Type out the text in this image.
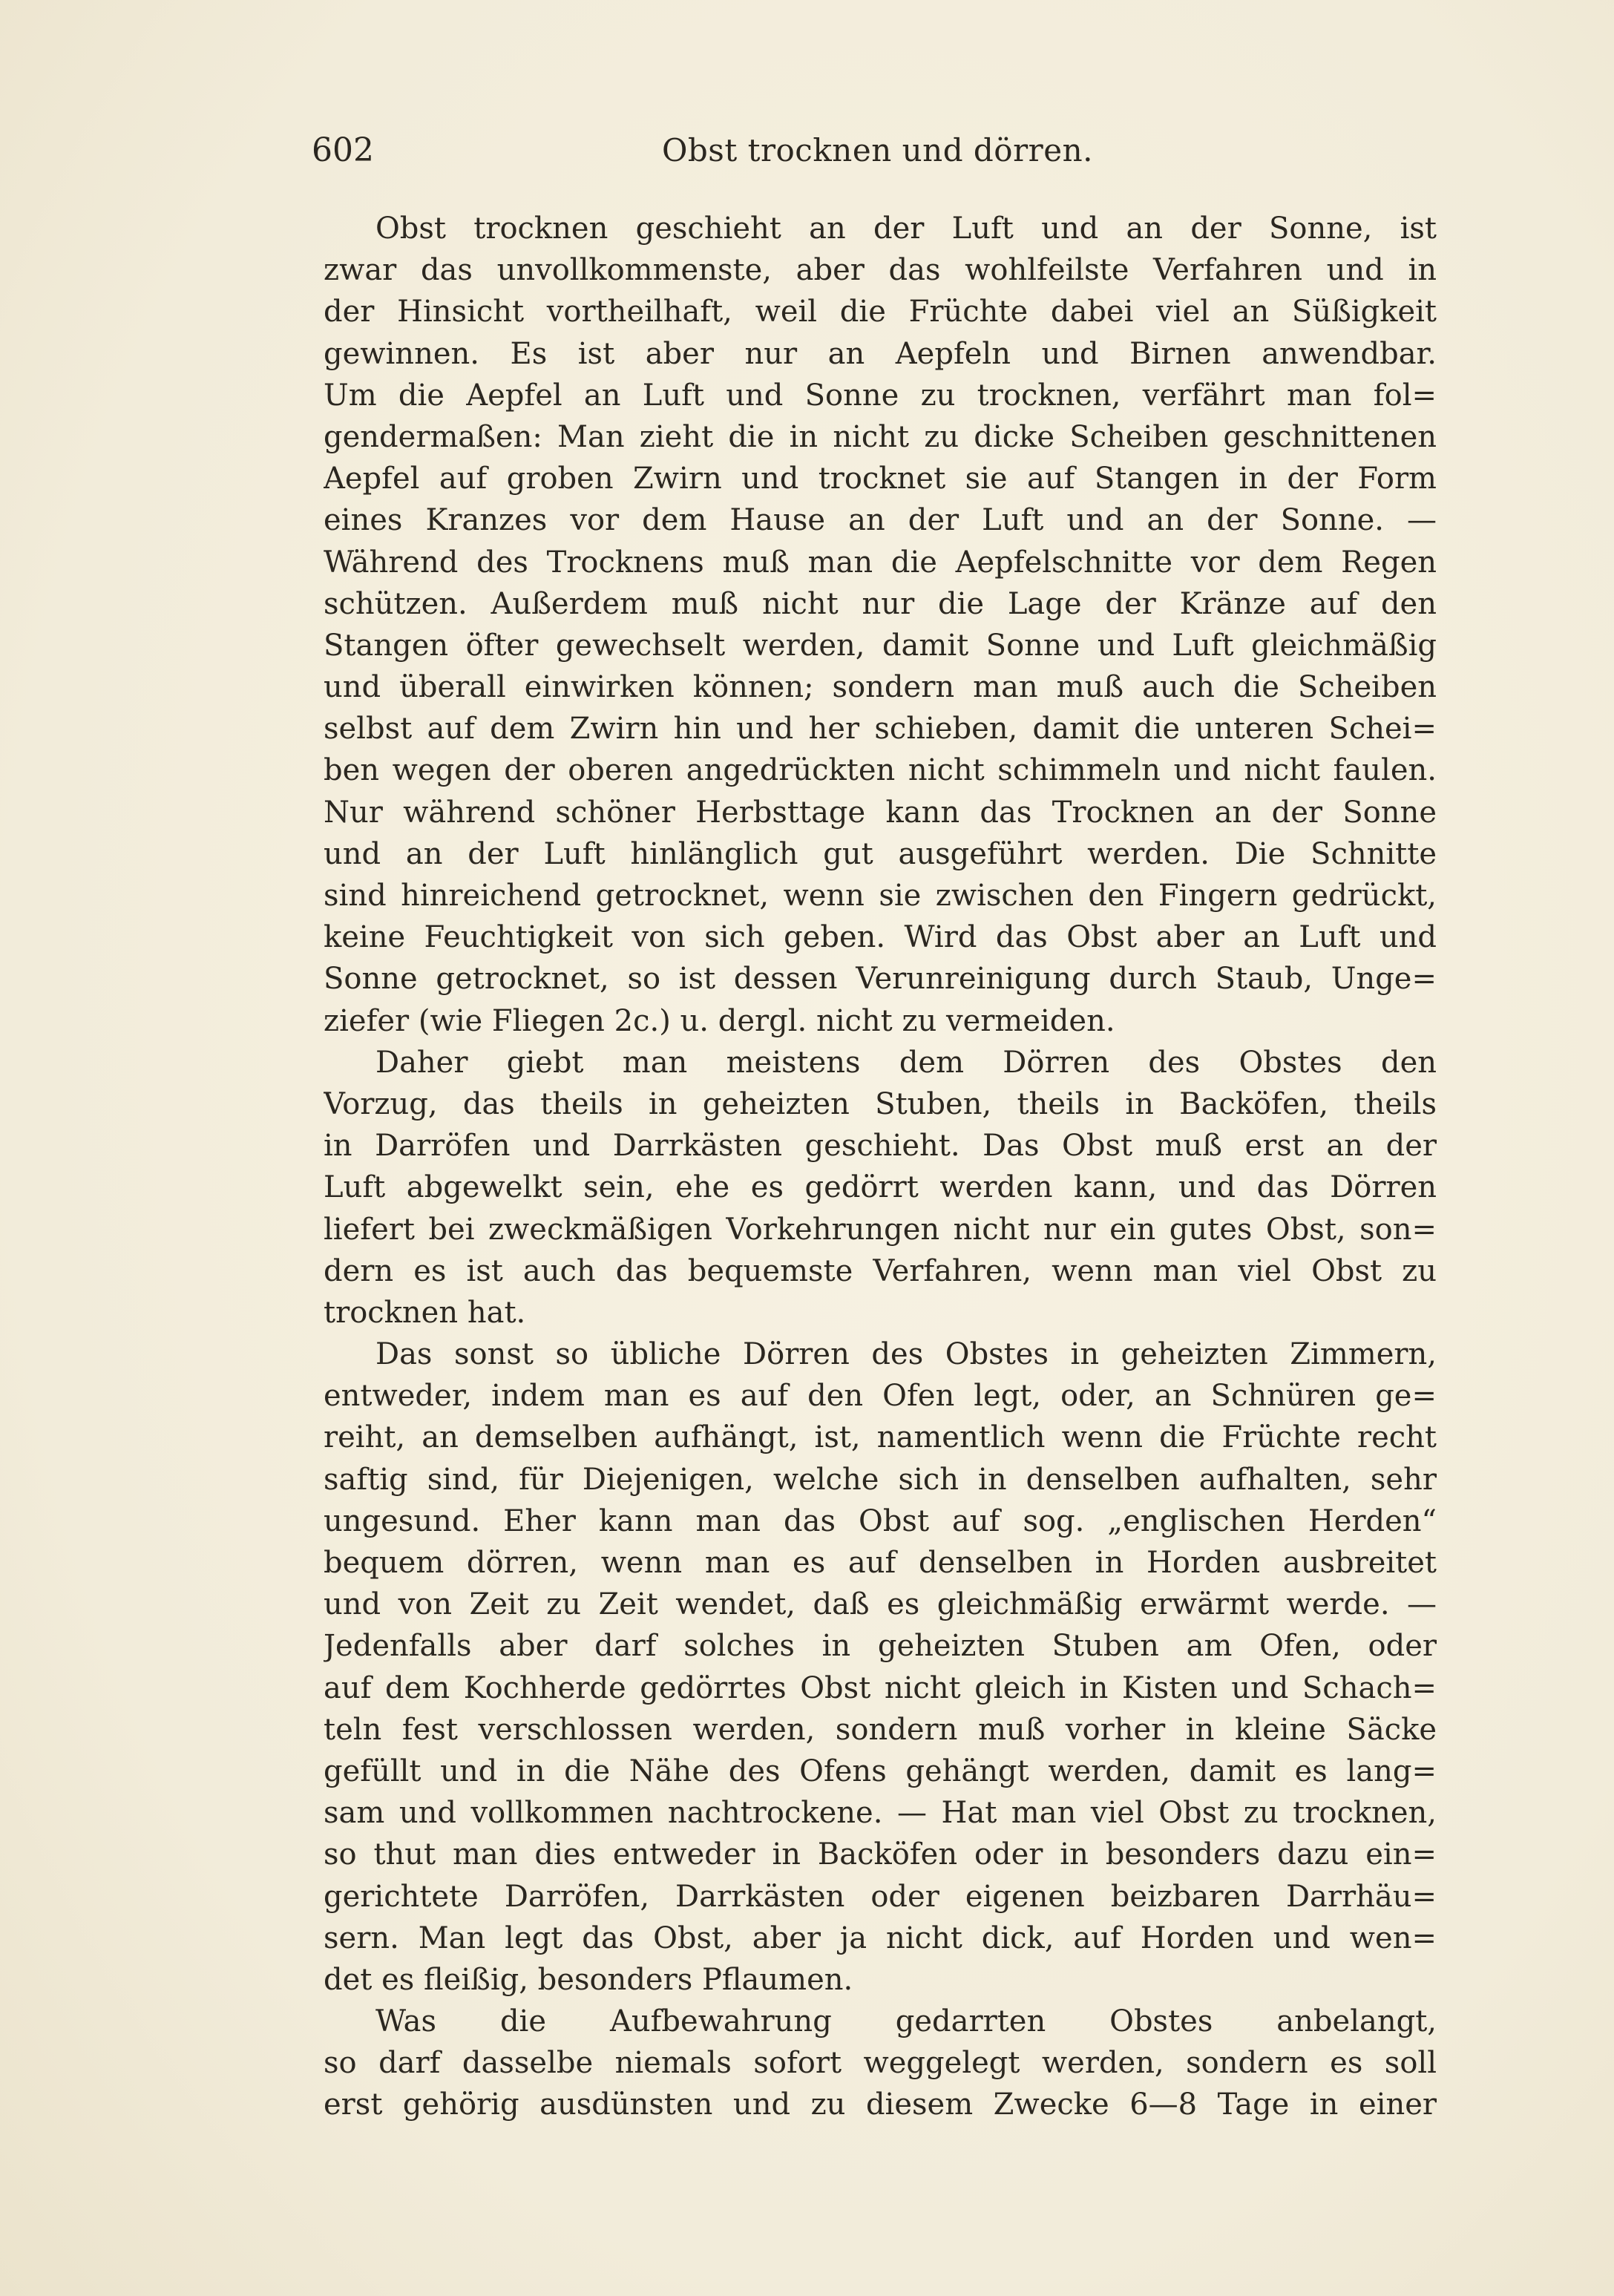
602	Obst trocknen und dörren.
Obst trocknen geschieht an der Luft und an der Sonne, ist
zwar das unvollkommenste, aber das wohlfeilste Verfahren und in
der Hinsicht vortheilhaft, weil die Früchte dabei viel an Süßigkeit
gewinnen. Es ist aber nur an Aepfeln und Birnen anwendbar.
Um die Aepfel an Luft und Sonne zu trocknen, verfährt man fol=
gendermaßen: Man zieht die in nicht zu dicke Scheiben geschnittenen
Aepfel auf groben Zwirn und trocknet sie auf Stangen in der Form
eines Kranzes vor dem Hause an der Luft und an der Sonne. —
Während des Trocknens muß man die Aepfelschnitte vor dem Regen
schützen. Außerdem muß nicht nur die Lage der Kränze auf den
Stangen öfter gewechselt werden, damit Sonne und Luft gleichmäßig
und überall einwirken können; sondern man muß auch die Scheiben
selbst auf dem Zwirn hin und her schieben, damit die unteren Schei=
ben wegen der oberen angedrückten nicht schimmeln und nicht faulen.
Nur während schöner Herbsttage kann das Trocknen an der Sonne
und an der Luft hinlänglich gut ausgeführt werden. Die Schnitte
sind hinreichend getrocknet, wenn sie zwischen den Fingern gedrückt,
keine Feuchtigkeit von sich geben. Wird das Obst aber an Luft und
Sonne getrocknet, so ist dessen Verunreinigung durch Staub, Unge=
ziefer (wie Fliegen 2c.) u. dergl. nicht zu vermeiden.
Daher giebt man meistens dem Dörren des Obstes den
Vorzug, das theils in geheizten Stuben, theils in Backöfen, theils
in Darröfen und Darrkästen geschieht. Das Obst muß erst an der
Luft abgewelkt sein, ehe es gedörrt werden kann, und das Dörren
liefert bei zweckmäßigen Vorkehrungen nicht nur ein gutes Obst, son=
dern es ist auch das bequemste Verfahren, wenn man viel Obst zu
trocknen hat.
Das sonst so übliche Dörren des Obstes in geheizten Zimmern,
entweder, indem man es auf den Ofen legt, oder, an Schnüren ge=
reiht, an demselben aufhängt, ist, namentlich wenn die Früchte recht
saftig sind, für Diejenigen, welche sich in denselben aufhalten, sehr
ungesund. Eher kann man das Obst auf sog. „englischen Herden“
bequem dörren, wenn man es auf denselben in Horden ausbreitet
und von Zeit zu Zeit wendet, daß es gleichmäßig erwärmt werde. —
Jedenfalls aber darf solches in geheizten Stuben am Ofen, oder
auf dem Kochherde gedörrtes Obst nicht gleich in Kisten und Schach=
teln fest verschlossen werden, sondern muß vorher in kleine Säcke
gefüllt und in die Nähe des Ofens gehängt werden, damit es lang=
sam und vollkommen nachtrockene. — Hat man viel Obst zu trocknen,
so thut man dies entweder in Backöfen oder in besonders dazu ein=
gerichtete Darröfen, Darrkästen oder eigenen beizbaren Darrhäu=
sern. Man legt das Obst, aber ja nicht dick, auf Horden und wen=
det es fleißig, besonders Pflaumen.
Was die Aufbewahrung gedarrten Obstes anbelangt,
so darf dasselbe niemals sofort weggelegt werden, sondern es soll
erst gehörig ausdünsten und zu diesem Zwecke 6—8 Tage in einer
